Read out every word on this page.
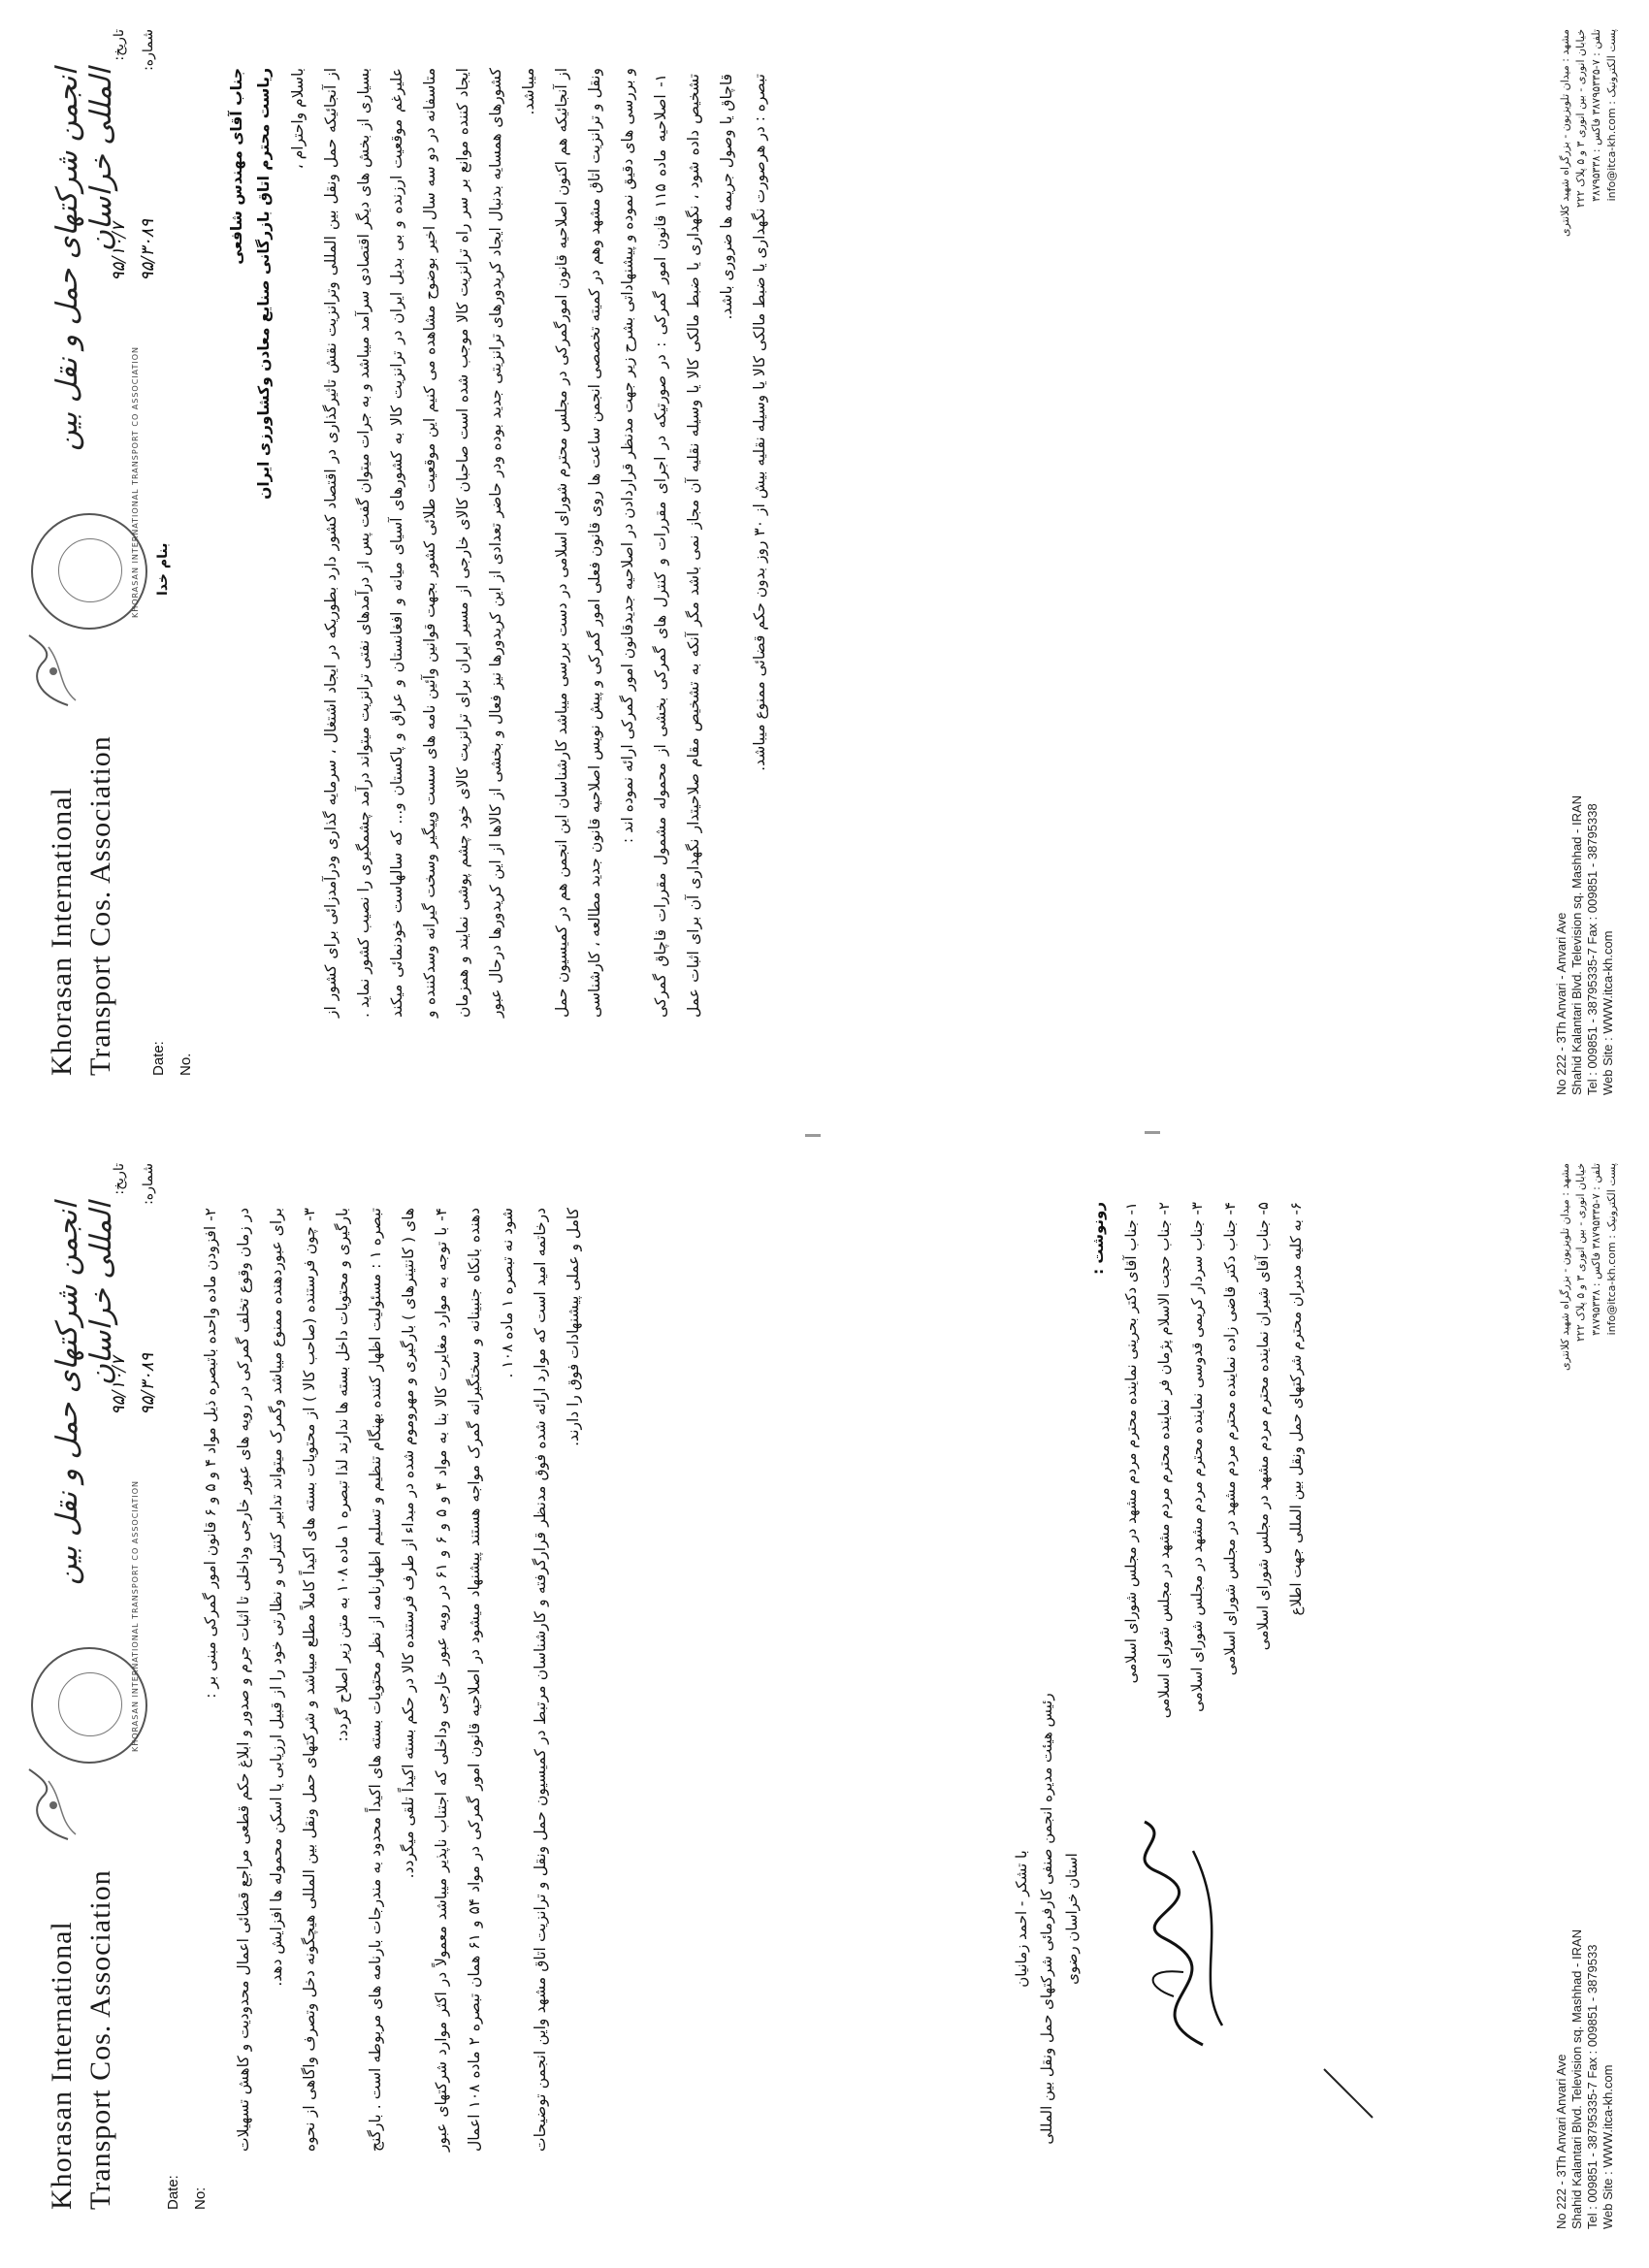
Khorasan International Transport Cos. Association
KHORASAN INTERNATIONAL TRANSPORT CO ASSOCIATION
انجمن شرکتهای حمل و نقل بین المللی خراسان
بنام خدا
Date: No.
تاریخ:
۹۵/۱۰/۷
شماره:
۹۵/۳۰۸۹	جناب آقای مهندس شافعی ریاست محترم اتاق بازرگانی صنایع معادن وکشاورزی ایران	باسلام واحترام ،	از آنجائیکه حمل ونقل بین المللی وترانزیت نقش تاثیرگذاری در اقتصاد کشور دارد بطوریکه در ایجاد اشتغال ، سرمایه گذاری ودرآمدزائی برای کشور از بسیاری از بخش های دیگر اقتصادی سرآمد میباشد و به جرات میتوان گفت پس از درآمدهای نفتی ترانزیت میتواند درآمد چشمگیری را نصیب کشور نماید . علیرغم موقعیت ارزنده و بی بدیل ایران در ترانزیت کالا به کشورهای آسیای میانه و افغانستان و عراق و پاکستان و... که سالهاست خودنمائی میکند متاسفانه در دو سه سال اخیر بوضوح مشاهده می کنیم این موقعیت طلائی کشور بجهت قوانین وآئین نامه های سست وپیگیر وسخت گیرانه وسدکننده و ایجاد کننده موانع بر سر راه ترانزیت کالا موجب شده است صاحبان کالای خارجی از مسیر ایران برای ترانزیت کالای خود چشم پوشی نمایند و همزمان کشورهای همسایه بدنبال ایجاد کریدورهای ترانزیتی جدید بوده ودر حاضر تعدادی از این کریدورها نیز فعال و بخشی از کالاها از این کریدورها درحال عبور میباشد.	از آنجائیکه هم اکنون اصلاحیه قانون امورگمرکی در مجلس محترم شورای اسلامی در دست بررسی میباشد کارشناسان این انجمن هم در کمیسیون حمل ونقل و ترانزیت اتاق مشهد وهم در کمیته تخصصی انجمن ساعت ها روی قانون فعلی امور گمرکی و پیش نویس اصلاحیه قانون جدید مطالعه ، کارشناسی و بررسی های دقیق نموده و پیشنهاداتی بشرح زیر جهت مدنظر قراردادن در اصلاحیه جدیدقانون امور گمرکی ارائه نموده اند :	۱- اصلاحیه ماده ۱۱۵ قانون امور گمرکی : در صورتیکه در اجرای مقررات و کنترل های گمرکی بخشی از محموله مشمول مقررات قاچاق گمرکی تشخیص داده شود ، نگهداری یا ضبط مالکی کالا یا وسیله نقلیه آن مجاز نمی باشد مگر آنکه به تشخیص مقام صلاحیتدار نگهداری آن برای اثبات عمل قاچاق یا وصول جریمه ها ضروری باشد.

تبصره : در هرصورت نگهداری یا ضبط مالکی کالا یا وسیله نقلیه بیش از ۳۰ روز بدون حکم قضائی ممنوع میباشد.

No 222 - 3Th Anvari - Anvari Ave Shahid Kalantari Blvd. Television sq. Mashhad - IRAN Tel : 009851 - 38795335-7 Fax : 009851 - 38795338 Web Site : WWW.itca-kh.com
مشهد : میدان تلویزیون - بزرگراه شهید کلانتری خیابان انوری - بین انوری ۳ و ۵ پلاک ۲۲۲
تلفن : ۷-۳۸۷۹۵۳۳۵ فاکس : ۳۸۷۹۵۳۳۸
پست الکترونیک : info@itca-kh.com
Khorasan International Transport Cos. Association
KHORASAN INTERNATIONAL TRANSPORT CO ASSOCIATION
انجمن شرکتهای حمل و نقل بین المللی خراسان
Date: No:
تاریخ:
۹۵/۱۰/۷
شماره:
۹۵/۳۰۸۹

۲- افزودن ماده واحده باتبصره ذیل مواد ۴ و ۵ و ۶ قانون امور گمرکی مبنی بر :	در زمان وقوع تخلف گمرکی در رویه های عبور خارجی وداخلی تا اثبات جرم و صدور و ابلاغ حکم قطعی مراجع قضائی اعمال محدودیت و کاهش تسهیلات برای عبوردهنده ممنوع میباشد وگمرک میتواند تدابیر کنترلی و نظارتی خود را از قبیل ارزیابی یا اسکن محموله ها افزایش دهد.	۳- چون فرستنده (صاحب کالا ) از محتویات بسته های اکیداً کاملاً مطلع میباشد و شرکتهای حمل ونقل بین المللی هیچگونه دخل وتصرف واگاهی از نحوه بارگیری و محتویات داخل بسته ها ندارند لذا تبصره ۱ ماده ۱۰۸ به متن زیر اصلاح گردد:	تبصره ۱ : مسئولیت اظهار کننده بهنگام تنظیم و تسلیم اظهارنامه از نظر محتویات بسته های اکیداً محدود به مندرجات بارنامه های مربوطه است . بارگنج های ( کانتینرهای ) بارگیری و مهروموم شده در مبداء از طرف فرستنده کالا در حکم بسته اکیداً تلقی میگردد.	۴- با توجه به موارد مغایرت کالا بنا به مواد ۴ و ۵ و ۶ و ۶۱ در رویه عبور خارجی وداخلی که اجتناب ناپذیر میباشد معمولاً در اکثر موارد شرکتهای عبور دهنده بانکاه جنبینانه و سختگیرانه گمرک مواجه هستند پیشنهاد میشود در اصلاحیه قانون امور گمرکی در مواد ۵۴ و ۶۱ همان تبصره ۲ ماده ۱۰۸ اعمال شود نه تبصره ۱ ماده ۱۰۸ .	درخاتمه امید است که موارد ارائه شده فوق مدنظر قرارگرفته و کارشناسان مرتبط در کمیسیون حمل ونقل و ترانزیت اتاق مشهد واین انجمن توضیحات کامل و عملی پیشنهادات فوق را دارند.

با تشکر - احمد زمانیان رئیس هیئت مدیره انجمن صنفی کارفرمائی شرکتهای حمل ونقل بین المللی استان خراسان رضوی
رونوشت :	۱- جناب آقای دکتر بحرینی نماینده محترم مردم مشهد در مجلس شورای اسلامی
۲- جناب حجت الاسلام پژمان فر نماینده محترم مردم مشهد در مجلس شورای اسلامی
۳- جناب سردار کریمی قدوسی نماینده محترم مردم مشهد در مجلس شورای اسلامی
۴- جناب دکتر قاضی زاده نماینده محترم مردم مشهد در مجلس شورای اسلامی
۵- جناب آقای شیران نماینده محترم مردم مشهد در مجلس شورای اسلامی
۶- به کلیه مدیران محترم شرکتهای حمل ونقل بین المللی جهت اطلاع
No 222 - 3Th Anvari Anvari Ave Shahid Kalantari Blvd. Television sq. Mashhad - IRAN Tel : 009851 - 38795335-7 Fax : 009851 - 3879533 Web Site : WWW.itca-kh.com
مشهد : میدان تلویزیون - بزرگراه شهید کلانتری خیابان انوری - بین انوری ۳ و ۵ پلاک ۲۲۲
تلفن : ۷-۳۸۷۹۵۳۳۵ فاکس : ۳۸۷۹۵۳۳۸
پست الکترونیک : info@itca-kh.com
